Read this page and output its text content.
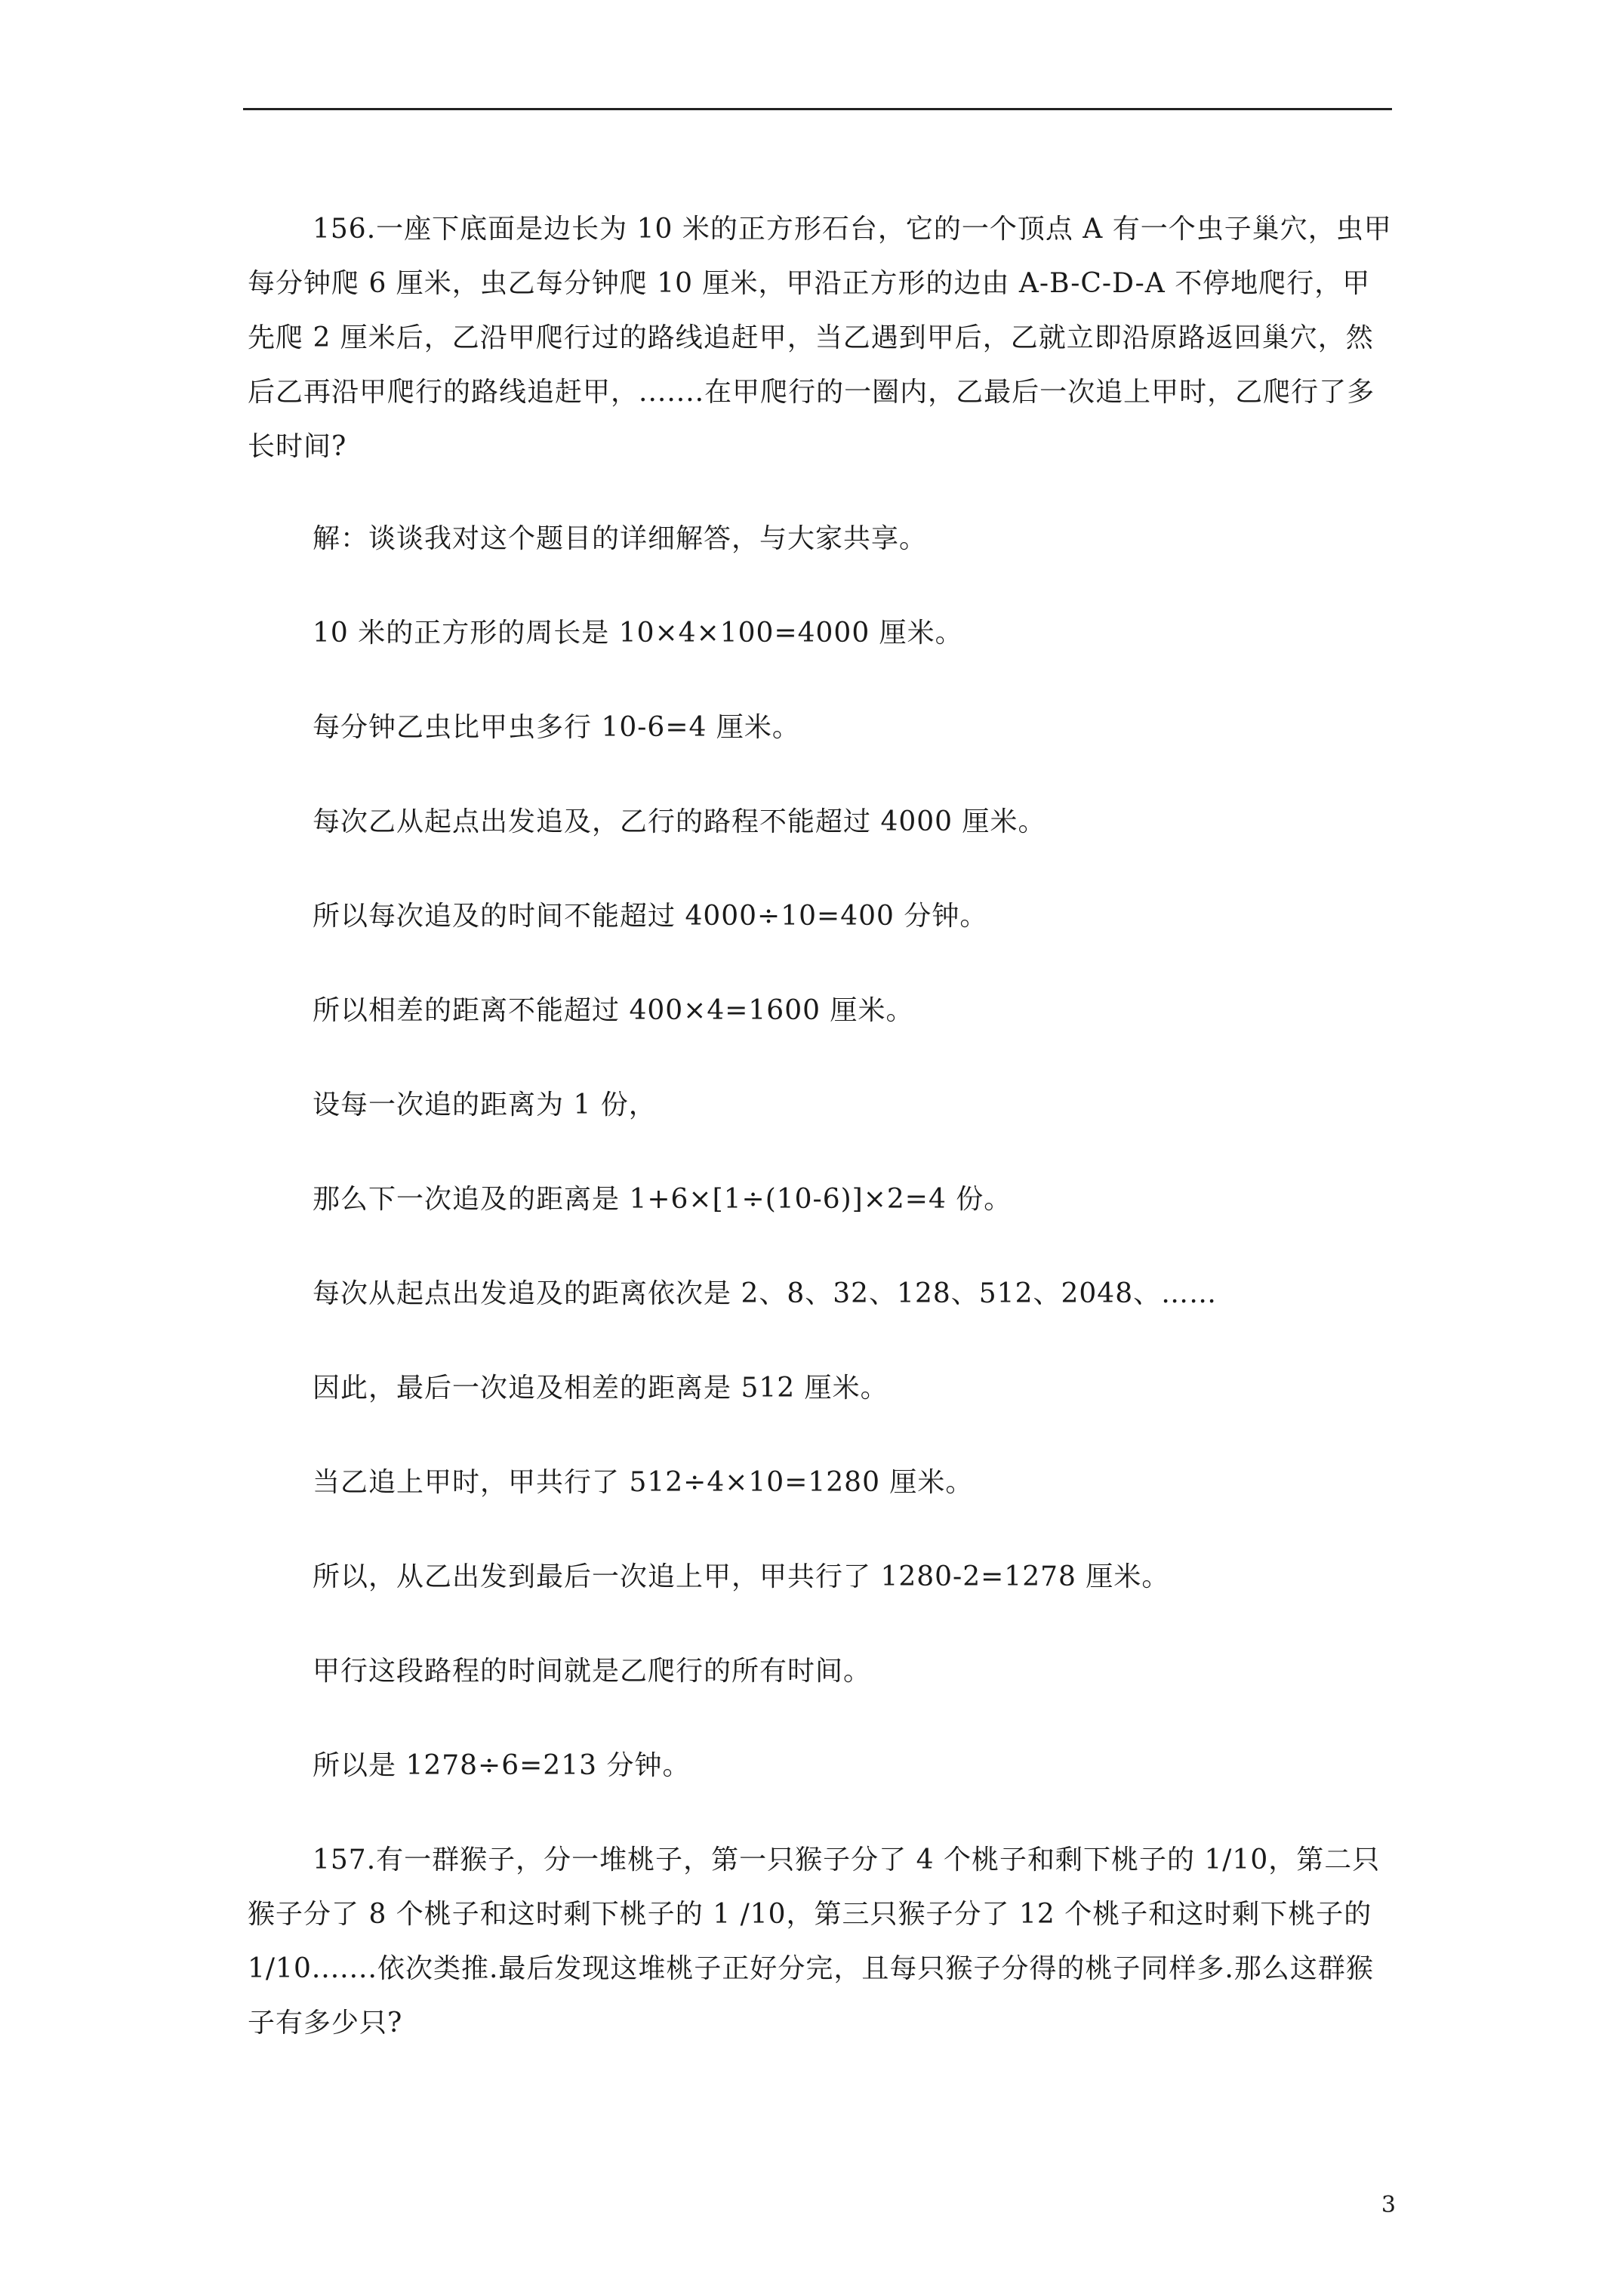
156.一座下底面是边长为 10 米的正方形石台，它的一个顶点 A 有一个虫子巢穴，虫甲每分钟爬 6 厘米，虫乙每分钟爬 10 厘米，甲沿正方形的边由 A-B-C-D-A 不停地爬行，甲先爬 2 厘米后，乙沿甲爬行过的路线追赶甲，当乙遇到甲后，乙就立即沿原路返回巢穴，然后乙再沿甲爬行的路线追赶甲，.......在甲爬行的一圈内，乙最后一次追上甲时，乙爬行了多长时间?

解：谈谈我对这个题目的详细解答，与大家共享。

10 米的正方形的周长是 10×4×100=4000 厘米。

每分钟乙虫比甲虫多行 10-6=4 厘米。

每次乙从起点出发追及，乙行的路程不能超过 4000 厘米。

所以每次追及的时间不能超过 4000÷10=400 分钟。

所以相差的距离不能超过 400×4=1600 厘米。

设每一次追的距离为 1 份，

那么下一次追及的距离是 1+6×[1÷(10-6)]×2=4 份。

每次从起点出发追及的距离依次是 2、8、32、128、512、2048、……

因此，最后一次追及相差的距离是 512 厘米。

当乙追上甲时，甲共行了 512÷4×10=1280 厘米。

所以，从乙出发到最后一次追上甲，甲共行了 1280-2=1278 厘米。

甲行这段路程的时间就是乙爬行的所有时间。

所以是 1278÷6=213 分钟。

157.有一群猴子，分一堆桃子，第一只猴子分了 4 个桃子和剩下桃子的 1/10，第二只猴子分了 8 个桃子和这时剩下桃子的 1 /10，第三只猴子分了 12 个桃子和这时剩下桃子的 1/10.......依次类推.最后发现这堆桃子正好分完，且每只猴子分得的桃子同样多.那么这群猴子有多少只?

3
